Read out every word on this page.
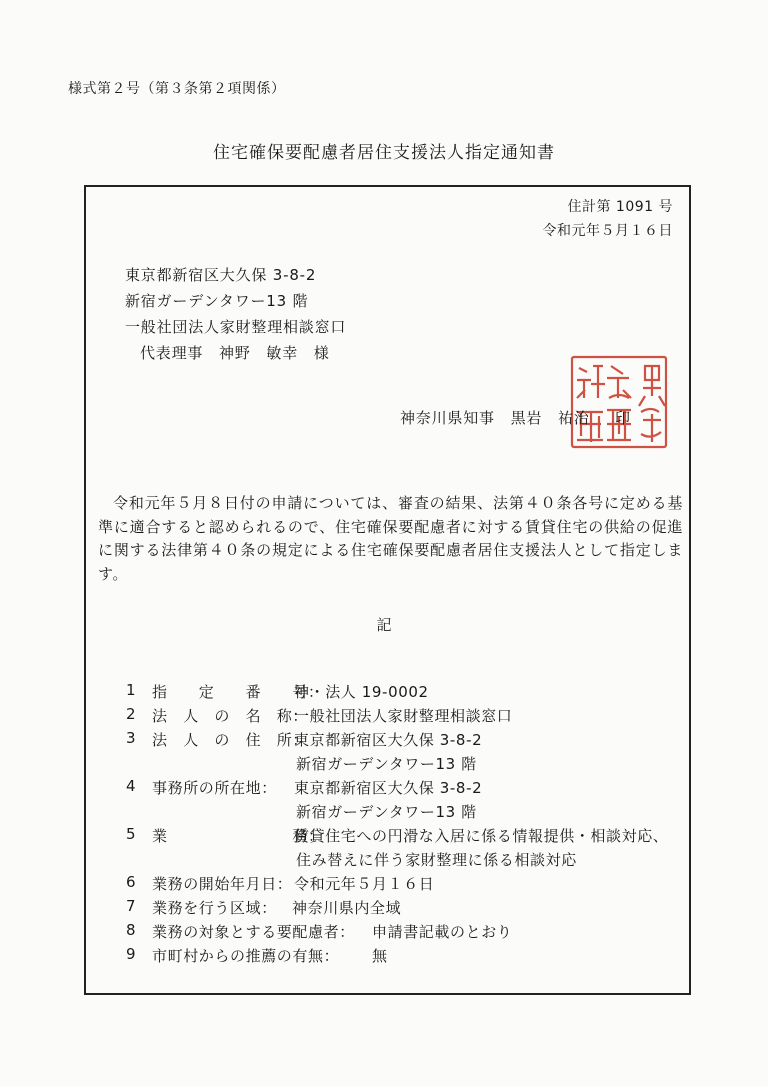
様式第２号（第３条第２項関係）
住宅確保要配慮者居住支援法人指定通知書
住計第 1091 号
令和元年５月１６日
東京都新宿区大久保 3-8-2
新宿ガーデンタワー13 階
一般社団法人家財整理相談窓口
代表理事　神野　敏幸　様
神奈川県知事　黒岩　祐治 印
令和元年５月８日付の申請については、審査の結果、法第４０条各号に定める基準に適合すると認められるので、住宅確保要配慮者に対する賃貸住宅の供給の促進に関する法律第４０条の規定による住宅確保要配慮者居住支援法人として指定します。
記
1 指　　定　　番　　号：
神・法人 19-0002
2 法　人　の　名　称：
一般社団法人家財整理相談窓口
3 法　人　の　住　所：
東京都新宿区大久保 3-8-2
新宿ガーデンタワー13 階
4 事務所の所在地： 東京都新宿区大久保 3-8-2
新宿ガーデンタワー13 階
5 業　　　　　　　　務：
賃貸住宅への円滑な入居に係る情報提供・相談対応、
住み替えに伴う家財整理に係る相談対応
6 業務の開始年月日： 令和元年５月１６日
7 業務を行う区域： 神奈川県内全域
8 業務の対象とする要配慮者： 申請書記載のとおり
9 市町村からの推薦の有無： 無
